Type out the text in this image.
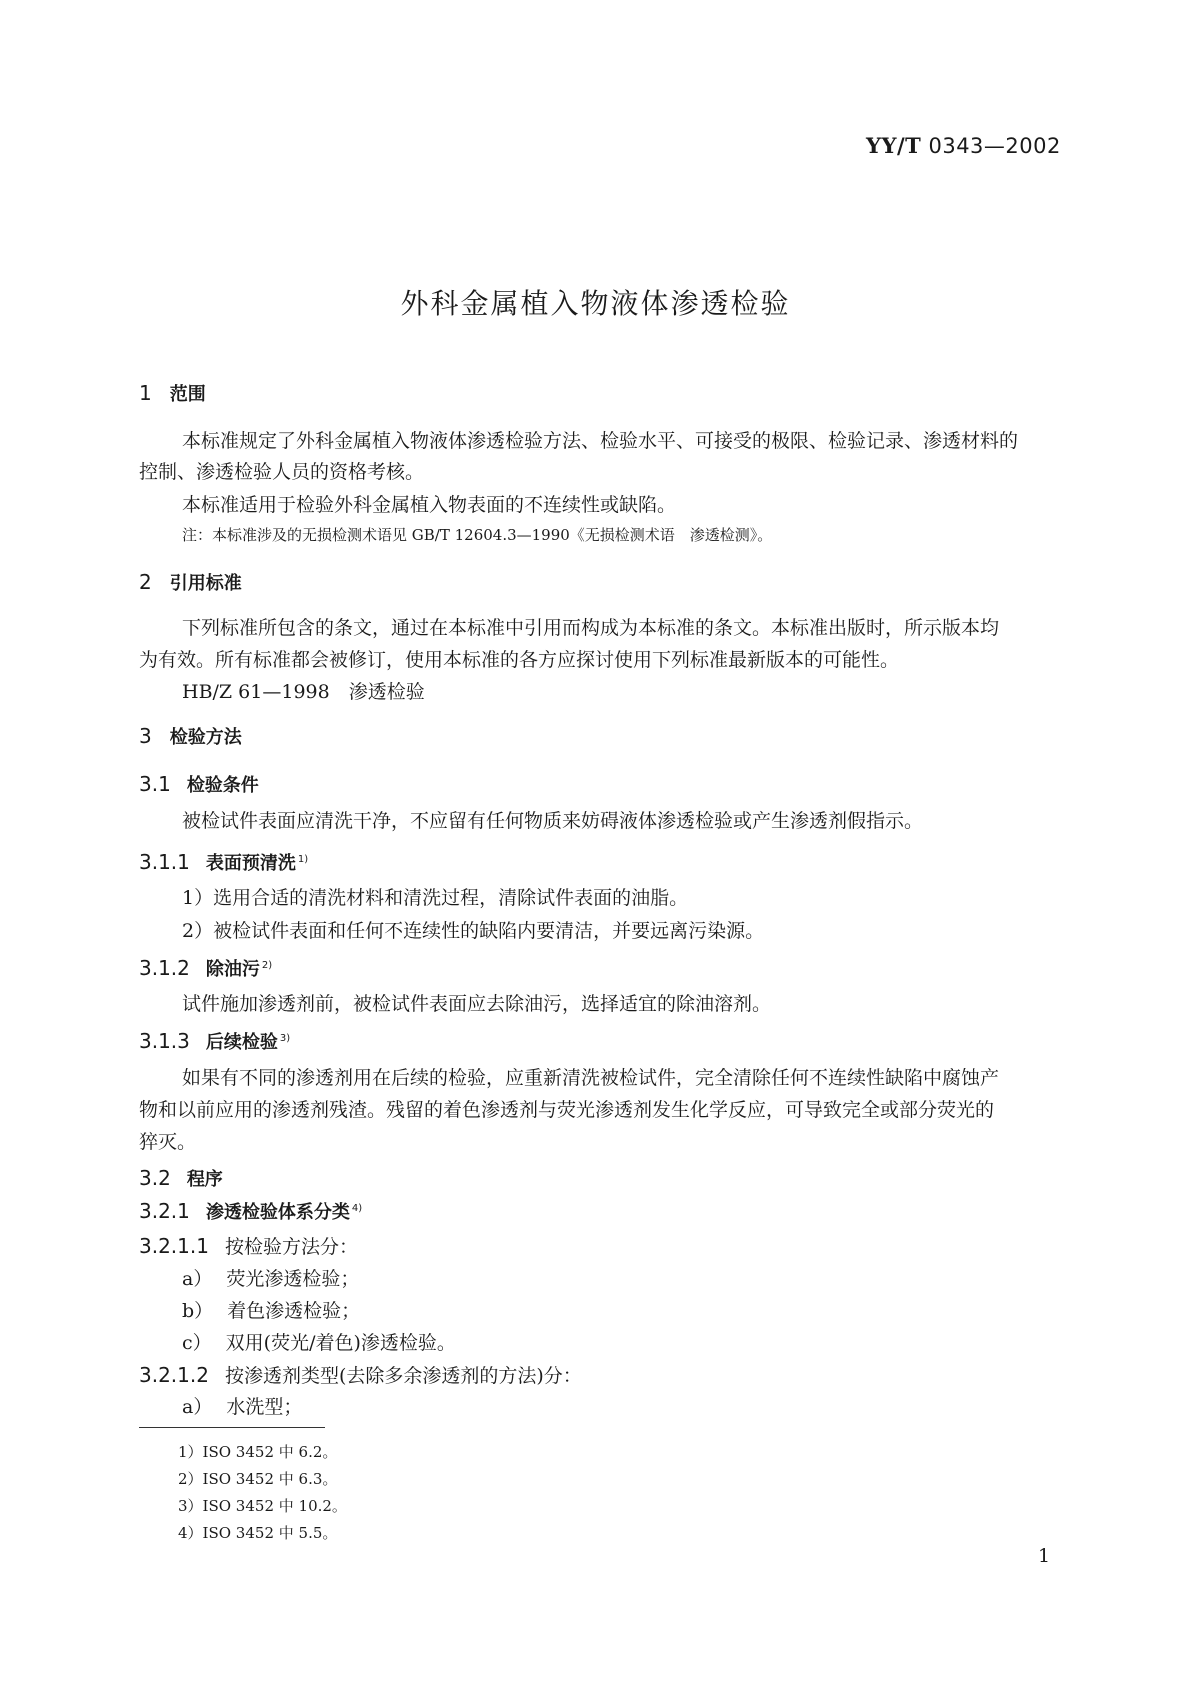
YY/T 0343—2002
外科金属植入物液体渗透检验
1 范围
本标准规定了外科金属植入物液体渗透检验方法、检验水平、可接受的极限、检验记录、渗透材料的
控制、渗透检验人员的资格考核。
本标准适用于检验外科金属植入物表面的不连续性或缺陷。
注：本标准涉及的无损检测术语见 GB/T 12604.3—1990《无损检测术语　渗透检测》。
2 引用标准
下列标准所包含的条文，通过在本标准中引用而构成为本标准的条文。本标准出版时，所示版本均
为有效。所有标准都会被修订，使用本标准的各方应探讨使用下列标准最新版本的可能性。
HB/Z 61—1998　渗透检验
3 检验方法
3.1 检验条件
被检试件表面应清洗干净，不应留有任何物质来妨碍液体渗透检验或产生渗透剂假指示。
3.1.1 表面预清洗 $^{1)}$
1）选用合适的清洗材料和清洗过程，清除试件表面的油脂。
2）被检试件表面和任何不连续性的缺陷内要清洁，并要远离污染源。
3.1.2 除油污 $^{2)}$
试件施加渗透剂前，被检试件表面应去除油污，选择适宜的除油溶剂。
3.1.3 后续检验 $^{3)}$
如果有不同的渗透剂用在后续的检验，应重新清洗被检试件，完全清除任何不连续性缺陷中腐蚀产
物和以前应用的渗透剂残渣。残留的着色渗透剂与荧光渗透剂发生化学反应，可导致完全或部分荧光的
猝灭。
3.2 程序
3.2.1 渗透检验体系分类 $^{4)}$
3.2.1.1 按检验方法分：
a） 荧光渗透检验；
b） 着色渗透检验；
c） 双用(荧光/着色)渗透检验。
3.2.1.2 按渗透剂类型(去除多余渗透剂的方法)分：
a） 水洗型；
1）ISO 3452 中 6.2。
2）ISO 3452 中 6.3。
3）ISO 3452 中 10.2。
4）ISO 3452 中 5.5。
1
